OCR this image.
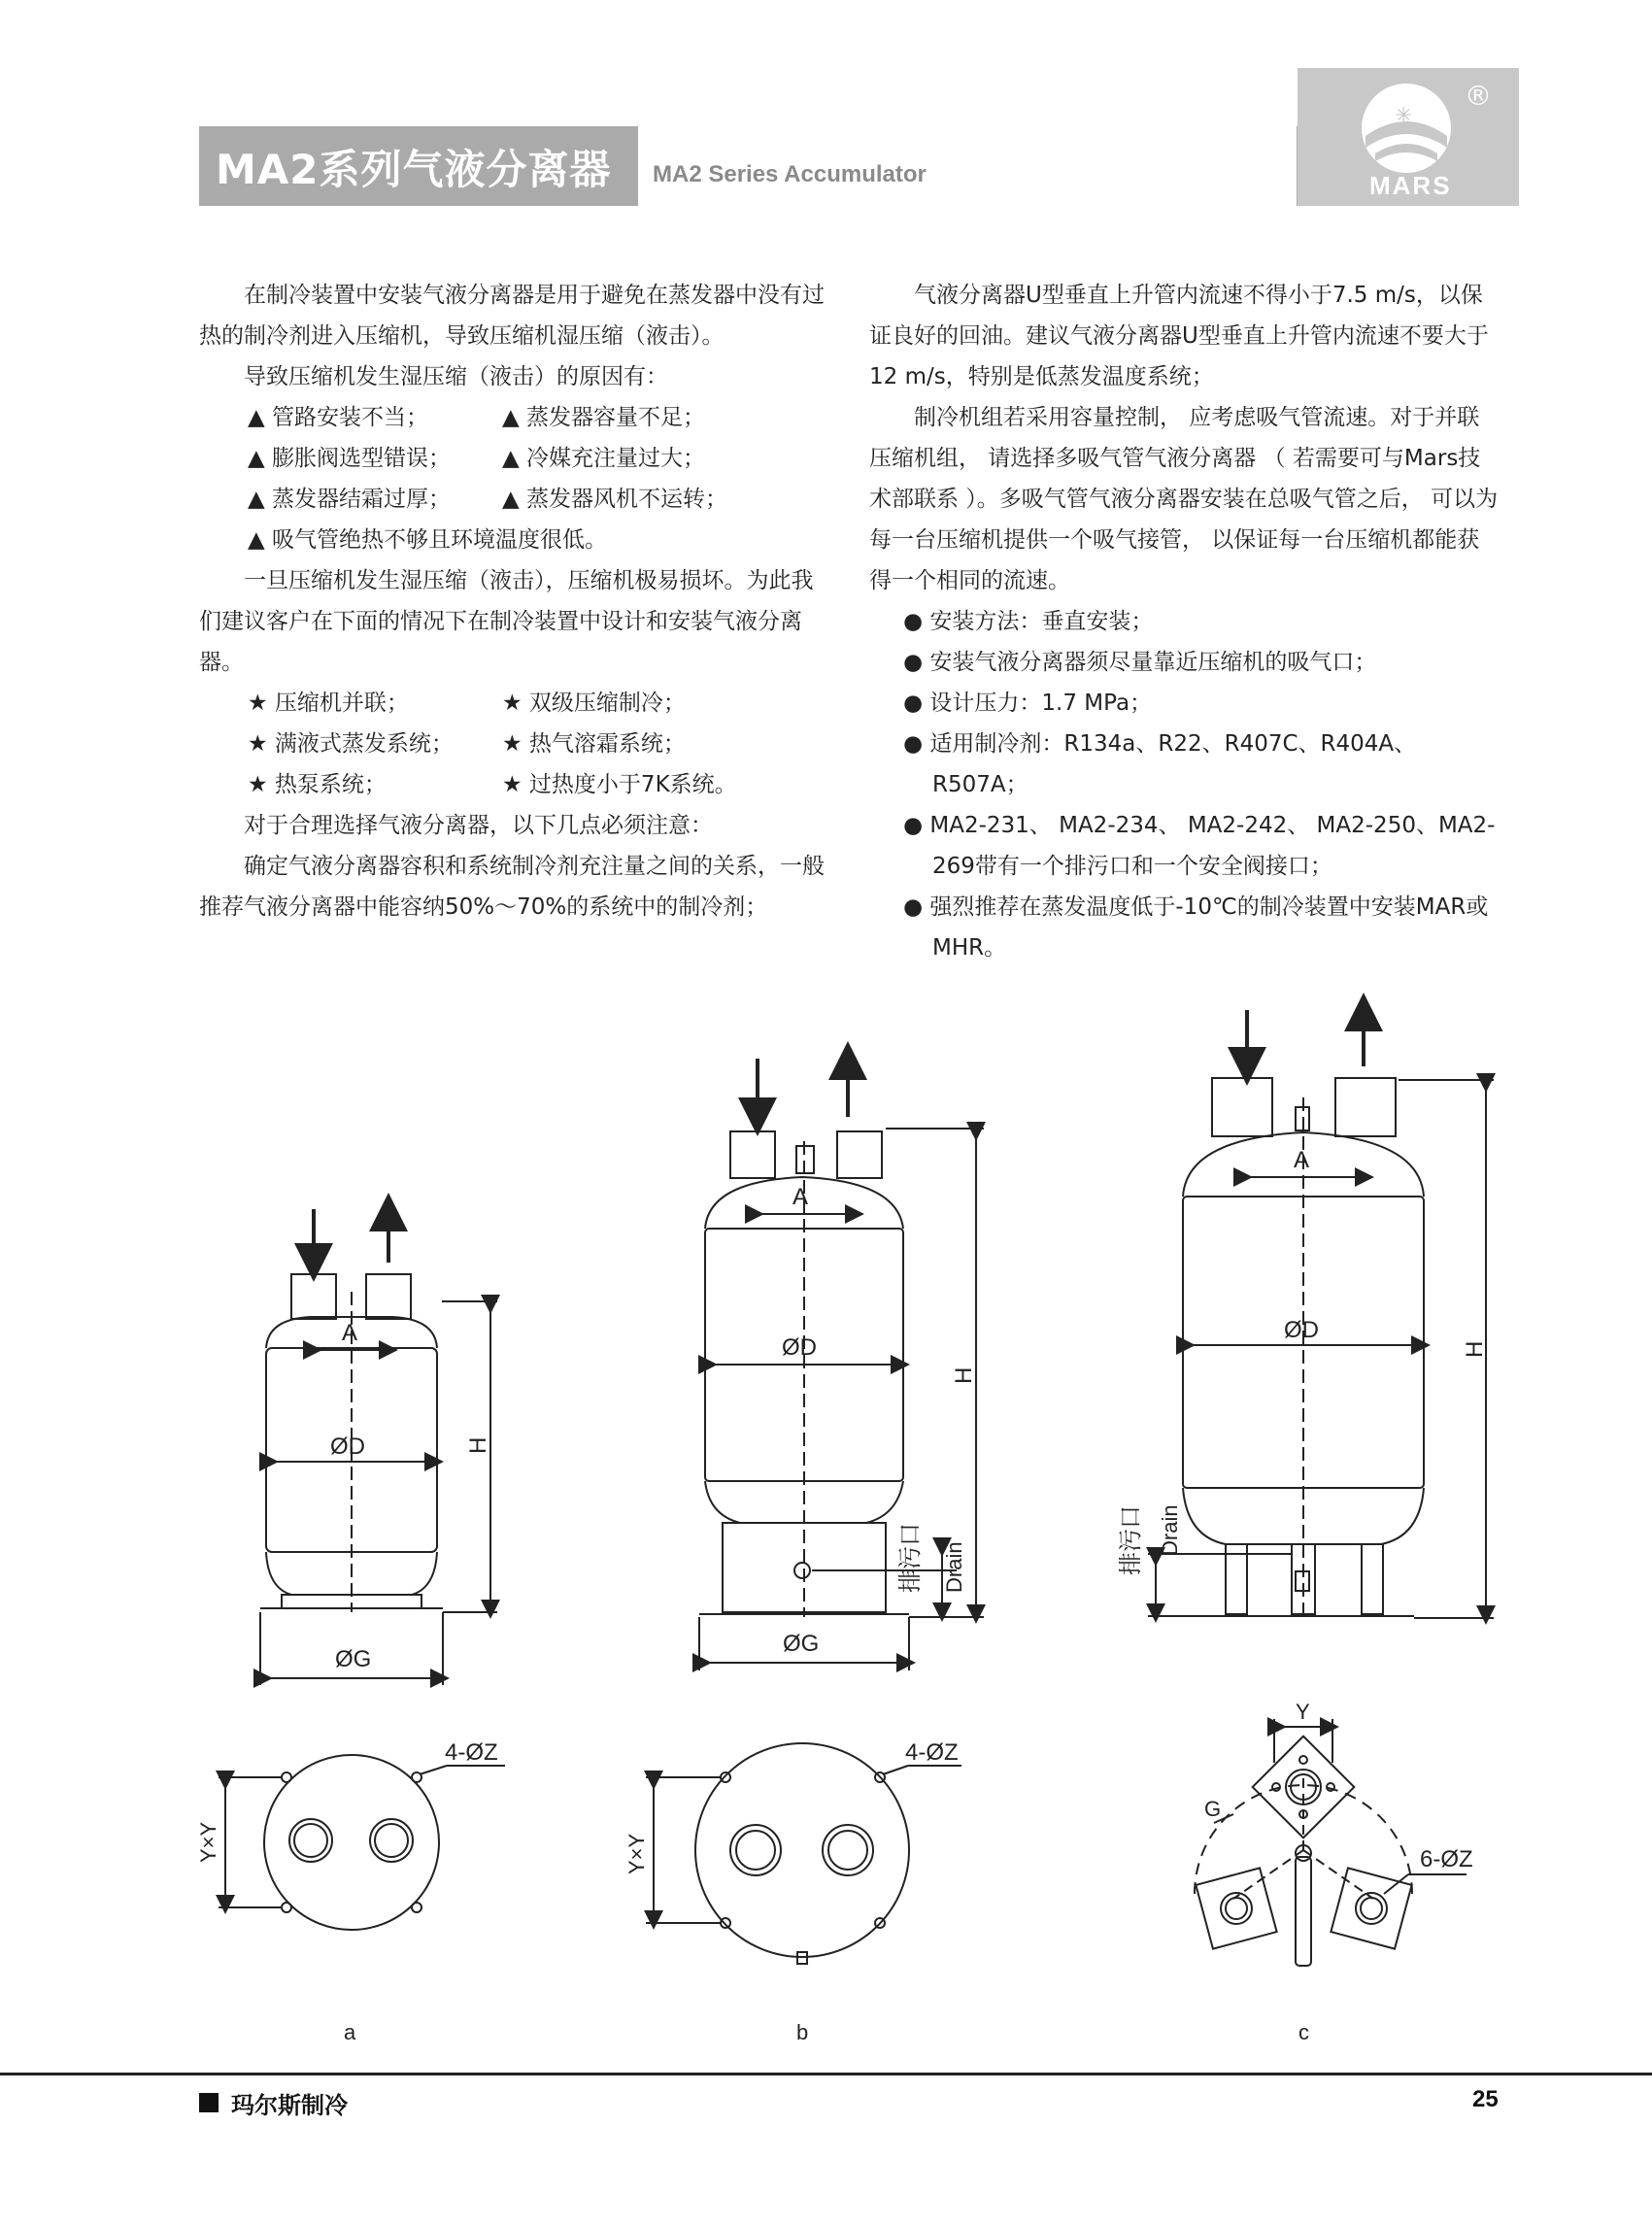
MA2系列气液分离器 MA2 Series Accumulator
✳
®
MARS

在制冷装置中安装气液分离器是用于避免在蒸发器中没有过热的制冷剂进入压缩机，导致压缩机湿压缩（液击）。

导致压缩机发生湿压缩（液击）的原因有：

▲ 管路安装不当；	▲ 蒸发器容量不足；
▲ 膨胀阀选型错误；	▲ 冷媒充注量过大；
▲ 蒸发器结霜过厚；	▲ 蒸发器风机不运转；

▲ 吸气管绝热不够且环境温度很低。

一旦压缩机发生湿压缩（液击），压缩机极易损坏。为此我们建议客户在下面的情况下在制冷装置中设计和安装气液分离器。

★ 压缩机并联；	★ 双级压缩制冷；
★ 满液式蒸发系统；	★ 热气溶霜系统；
★ 热泵系统；	★ 过热度小于7K系统。

对于合理选择气液分离器，以下几点必须注意：

确定气液分离器容积和系统制冷剂充注量之间的关系，一般推荐气液分离器中能容纳50%～70%的系统中的制冷剂；

气液分离器U型垂直上升管内流速不得小于7.5 m/s，以保证良好的回油。建议气液分离器U型垂直上升管内流速不要大于12 m/s，特别是低蒸发温度系统；

制冷机组若采用容量控制， 应考虑吸气管流速。对于并联压缩机组， 请选择多吸气管气液分离器 （ 若需要可与Mars技术部联系 ）。多吸气管气液分离器安装在总吸气管之后， 可以为每一台压缩机提供一个吸气接管， 以保证每一台压缩机都能获得一个相同的流速。

● 安装方法：垂直安装；

● 安装气液分离器须尽量靠近压缩机的吸气口；

● 设计压力：1.7 MPa；

● 适用制冷剂：R134a、R22、R407C、R404A、R507A；

● MA2-231、 MA2-234、 MA2-242、 MA2-250、MA2-269带有一个排污口和一个安全阀接口；

● 强烈推荐在蒸发温度低于-10℃的制冷装置中安装MAR或MHR。

A
ØD	H
ØG
A
ØD
H
排污口 Drain
ØG
A
ØD
H
排污口 Drain
4-ØZ
Y×Y
4-ØZ
Y×Y
Y
G
6-ØZ
a	b	c
玛尔斯制冷	25
